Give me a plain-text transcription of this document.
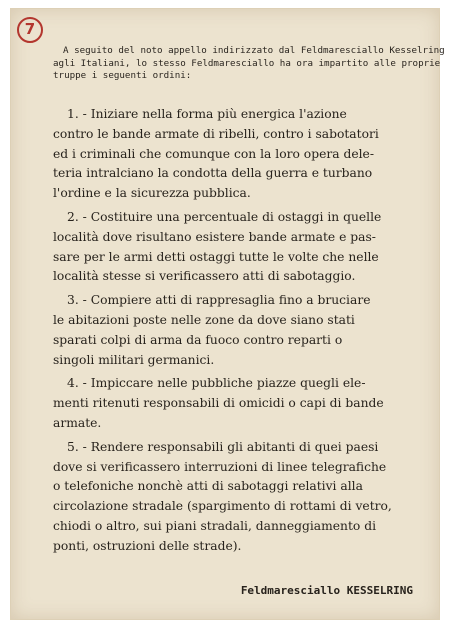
7
A seguito del noto appello indirizzato dal Feldmaresciallo Kesselring
agli Italiani, lo stesso Feldmaresciallo ha ora impartito alle proprie
truppe i seguenti ordini:
1. - Iniziare nella forma più energica l'azione
contro le bande armate di ribelli, contro i sabotatori
ed i criminali che comunque con la loro opera dele-
teria intralciano la condotta della guerra e turbano
l'ordine e la sicurezza pubblica.
2. - Costituire una percentuale di ostaggi in quelle
località dove risultano esistere bande armate e pas-
sare per le armi detti ostaggi tutte le volte che nelle
località stesse si verificassero atti di sabotaggio.
3. - Compiere atti di rappresaglia fino a bruciare
le abitazioni poste nelle zone da dove siano stati
sparati colpi di arma da fuoco contro reparti o
singoli militari germanici.
4. - Impiccare nelle pubbliche piazze quegli ele-
menti ritenuti responsabili di omicidi o capi di bande
armate.
5. - Rendere responsabili gli abitanti di quei paesi
dove si verificassero interruzioni di linee telegrafiche
o telefoniche nonchè atti di sabotaggi relativi alla
circolazione stradale (spargimento di rottami di vetro,
chiodi o altro, sui piani stradali, danneggiamento di
ponti, ostruzioni delle strade).
Feldmaresciallo KESSELRING
